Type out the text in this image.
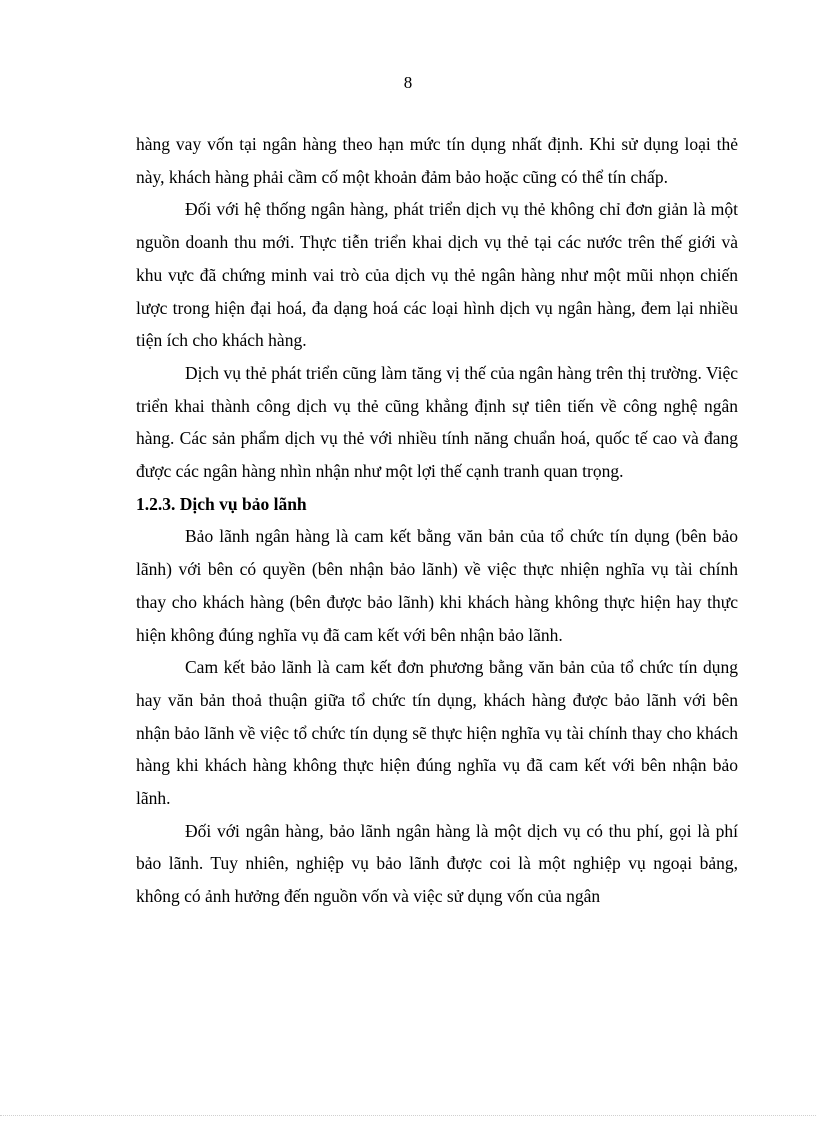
8

hàng vay vốn tại ngân hàng theo hạn mức tín dụng nhất định. Khi sử dụng loại thẻ này, khách hàng phải cầm cố một khoản đảm bảo hoặc cũng có thể tín chấp.

Đối với hệ thống ngân hàng, phát triển dịch vụ thẻ không chỉ đơn giản là một nguồn doanh thu mới. Thực tiễn triển khai dịch vụ thẻ tại các nước trên thế giới và khu vực đã chứng minh vai trò của dịch vụ thẻ ngân hàng như một mũi nhọn chiến lược trong hiện đại hoá, đa dạng hoá các loại hình dịch vụ ngân hàng, đem lại nhiều tiện ích cho khách hàng.

Dịch vụ thẻ phát triển cũng làm tăng vị thế của ngân hàng trên thị trường. Việc triển khai thành công dịch vụ thẻ cũng khẳng định sự tiên tiến về công nghệ ngân hàng. Các sản phẩm dịch vụ thẻ với nhiều tính năng chuẩn hoá, quốc tế cao và đang được các ngân hàng nhìn nhận như một lợi thế cạnh tranh quan trọng.

1.2.3. Dịch vụ bảo lãnh

Bảo lãnh ngân hàng là cam kết bằng văn bản của tổ chức tín dụng (bên bảo lãnh) với bên có quyền (bên nhận bảo lãnh) về việc thực nhiện nghĩa vụ tài chính thay cho khách hàng (bên được bảo lãnh) khi khách hàng không thực hiện hay thực hiện không đúng nghĩa vụ đã cam kết với bên nhận bảo lãnh.

Cam kết bảo lãnh là cam kết đơn phương bằng văn bản của tổ chức tín dụng hay văn bản thoả thuận giữa tổ chức tín dụng, khách hàng được bảo lãnh với bên nhận bảo lãnh về việc tổ chức tín dụng sẽ thực hiện nghĩa vụ tài chính thay cho khách hàng khi khách hàng không thực hiện đúng nghĩa vụ đã cam kết với bên nhận bảo lãnh.

Đối với ngân hàng, bảo lãnh ngân hàng là một dịch vụ có thu phí, gọi là phí bảo lãnh. Tuy nhiên, nghiệp vụ bảo lãnh được coi là một nghiệp vụ ngoại bảng, không có ảnh hưởng đến nguồn vốn và việc sử dụng vốn của ngân
